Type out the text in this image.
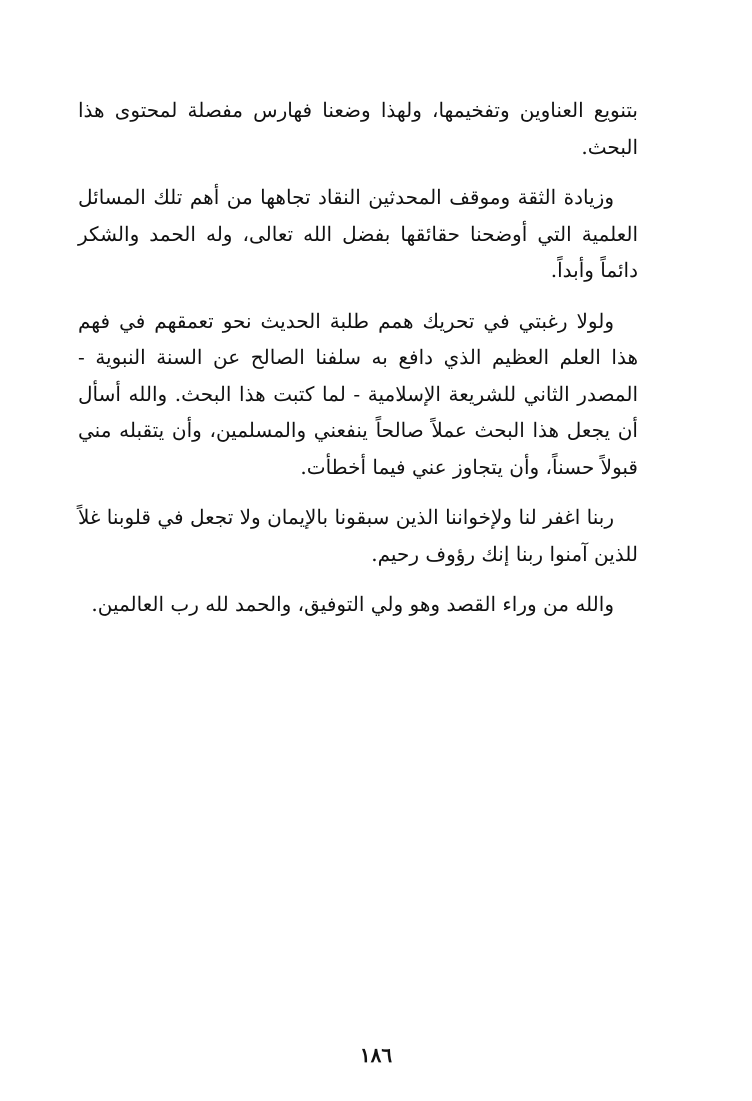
بتنويع العناوين وتفخيمها، ولهذا وضعنا فهارس مفصلة لمحتوى هذا البحث.

وزيادة الثقة وموقف المحدثين النقاد تجاهها من أهم تلك المسائل العلمية التي أوضحنا حقائقها بفضل الله تعالى، وله الحمد والشكر دائماً وأبداً.

ولولا رغبتي في تحريك همم طلبة الحديث نحو تعمقهم في فهم هذا العلم العظيم الذي دافع به سلفنا الصالح عن السنة النبوية - المصدر الثاني للشريعة الإسلامية - لما كتبت هذا البحث. والله أسأل أن يجعل هذا البحث عملاً صالحاً ينفعني والمسلمين، وأن يتقبله مني قبولاً حسناً، وأن يتجاوز عني فيما أخطأت.

ربنا اغفر لنا ولإخواننا الذين سبقونا بالإيمان ولا تجعل في قلوبنا غلاً للذين آمنوا ربنا إنك رؤوف رحيم.

والله من وراء القصد وهو ولي التوفيق، والحمد لله رب العالمين.

١٨٦
